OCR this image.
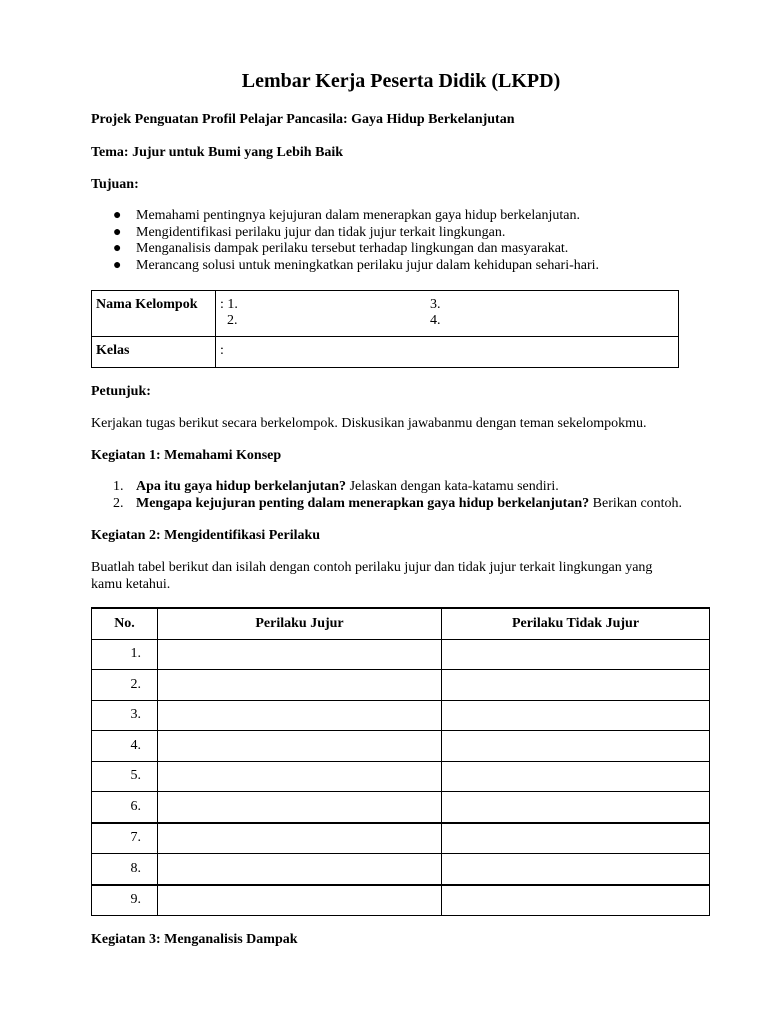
Lembar Kerja Peserta Didik (LKPD)
Projek Penguatan Profil Pelajar Pancasila: Gaya Hidup Berkelanjutan
Tema: Jujur untuk Bumi yang Lebih Baik
Tujuan:
● Memahami pentingnya kejujuran dalam menerapkan gaya hidup berkelanjutan.
● Mengidentifikasi perilaku jujur dan tidak jujur terkait lingkungan.
● Menganalisis dampak perilaku tersebut terhadap lingkungan dan masyarakat.
● Merancang solusi untuk meningkatkan perilaku jujur dalam kehidupan sehari-hari.
Nama Kelompok	: 1. 3.
2. 4.

Kelas	:
Petunjuk:
Kerjakan tugas berikut secara berkelompok. Diskusikan jawabanmu dengan teman sekelompokmu.
Kegiatan 1: Memahami Konsep
1. Apa itu gaya hidup berkelanjutan? Jelaskan dengan kata-katamu sendiri.
2. Mengapa kejujuran penting dalam menerapkan gaya hidup berkelanjutan? Berikan contoh.
Kegiatan 2: Mengidentifikasi Perilaku
Buatlah tabel berikut dan isilah dengan contoh perilaku jujur dan tidak jujur terkait lingkungan yang
kamu ketahui.
No.	Perilaku Jujur	Perilaku Tidak Jujur
1.		
2.		
3.		
4.		
5.		
6.		
7.		
8.		
9.		
Kegiatan 3: Menganalisis Dampak
